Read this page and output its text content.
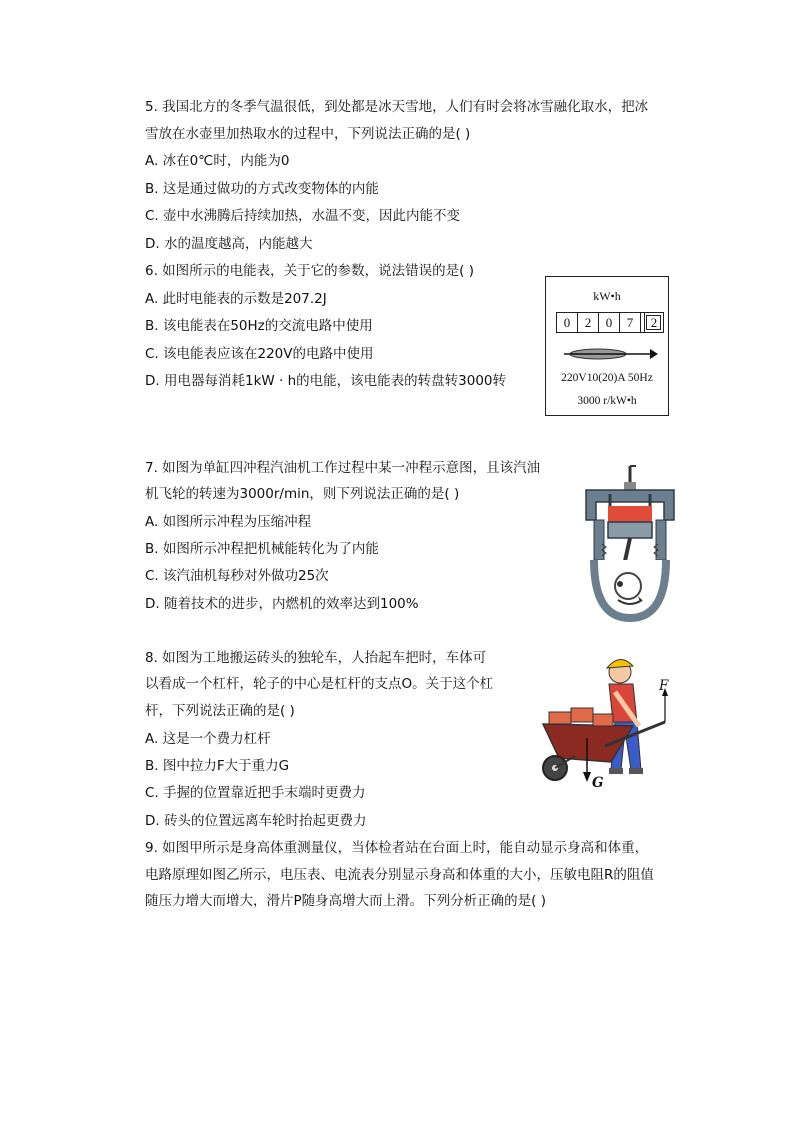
5. 我国北方的冬季气温很低，到处都是冰天雪地，人们有时会将冰雪融化取水，把冰
雪放在水壶里加热取水的过程中，下列说法正确的是( )
A. 冰在0℃时，内能为0
B. 这是通过做功的方式改变物体的内能
C. 壶中水沸腾后持续加热，水温不变，因此内能不变
D. 水的温度越高，内能越大
6. 如图所示的电能表，关于它的参数，说法错误的是( )
A. 此时电能表的示数是207.2J
B. 该电能表在50Hz的交流电路中使用
C. 该电能表应该在220V的电路中使用
D. 用电器每消耗1kW · h的电能，该电能表的转盘转3000转
kW•h
0	2	0	7	2
220V10(20)A 50Hz
3000 r/kW•h
7. 如图为单缸四冲程汽油机工作过程中某一冲程示意图，且该汽油
机飞轮的转速为3000r/min，则下列说法正确的是( )
A. 如图所示冲程为压缩冲程
B. 如图所示冲程把机械能转化为了内能
C. 该汽油机每秒对外做功25次
D. 随着技术的进步，内燃机的效率达到100%
8. 如图为工地搬运砖头的独轮车，人抬起车把时，车体可
以看成一个杠杆，轮子的中心是杠杆的支点O。关于这个杠
杆，下列说法正确的是( )
A. 这是一个费力杠杆
B. 图中拉力F大于重力G
C. 手握的位置靠近把手末端时更费力
D. 砖头的位置远离车轮时抬起更费力
F
G
9. 如图甲所示是身高体重测量仪，当体检者站在台面上时，能自动显示身高和体重，
电路原理如图乙所示，电压表、电流表分别显示身高和体重的大小，压敏电阻R的阻值
随压力增大而增大，滑片P随身高增大而上滑。下列分析正确的是( )
